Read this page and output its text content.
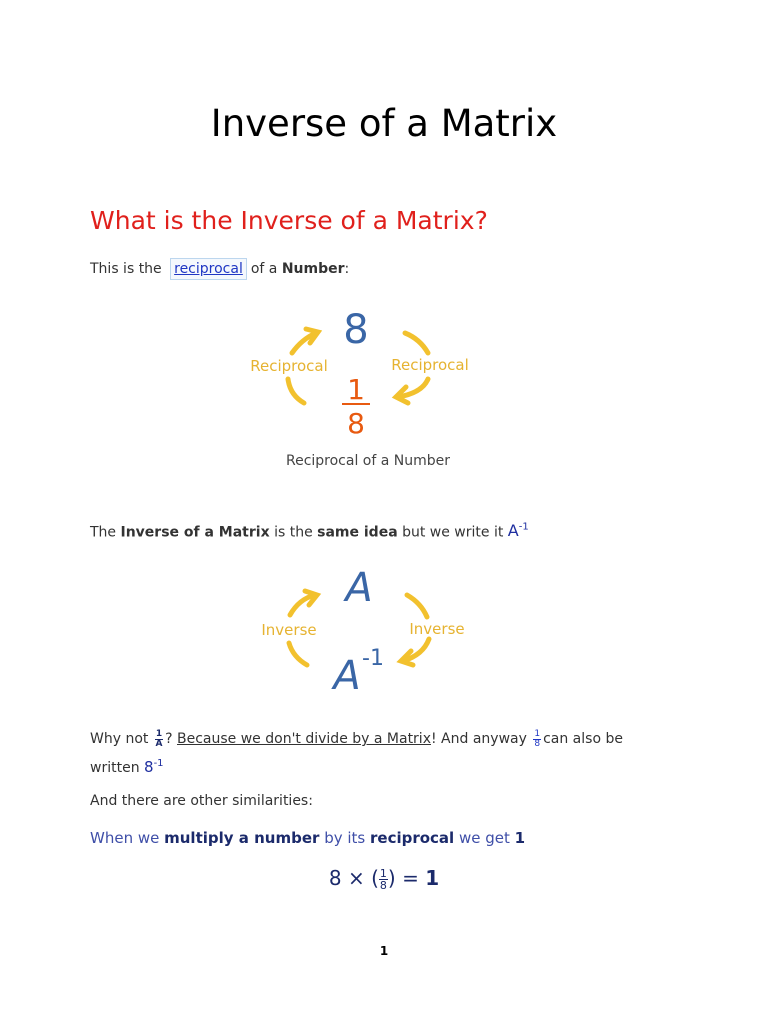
Inverse of a Matrix
What is the Inverse of a Matrix?
This is the reciprocal of a Number:
8
1
8
Reciprocal	Reciprocal
Reciprocal of a Number
The Inverse of a Matrix is the same idea but we write it $A^{-1}$
A
A -1
Inverse	Inverse
Why not $\frac{1}{A}$ ? Because we don't divide by a Matrix! And anyway $\frac{1}{8}$ can also be
written $8^{-1}$
And there are other similarities:
When we multiply a number by its reciprocal we get 1
8 × ( $\frac{1}{8}$ ) = 1
1
